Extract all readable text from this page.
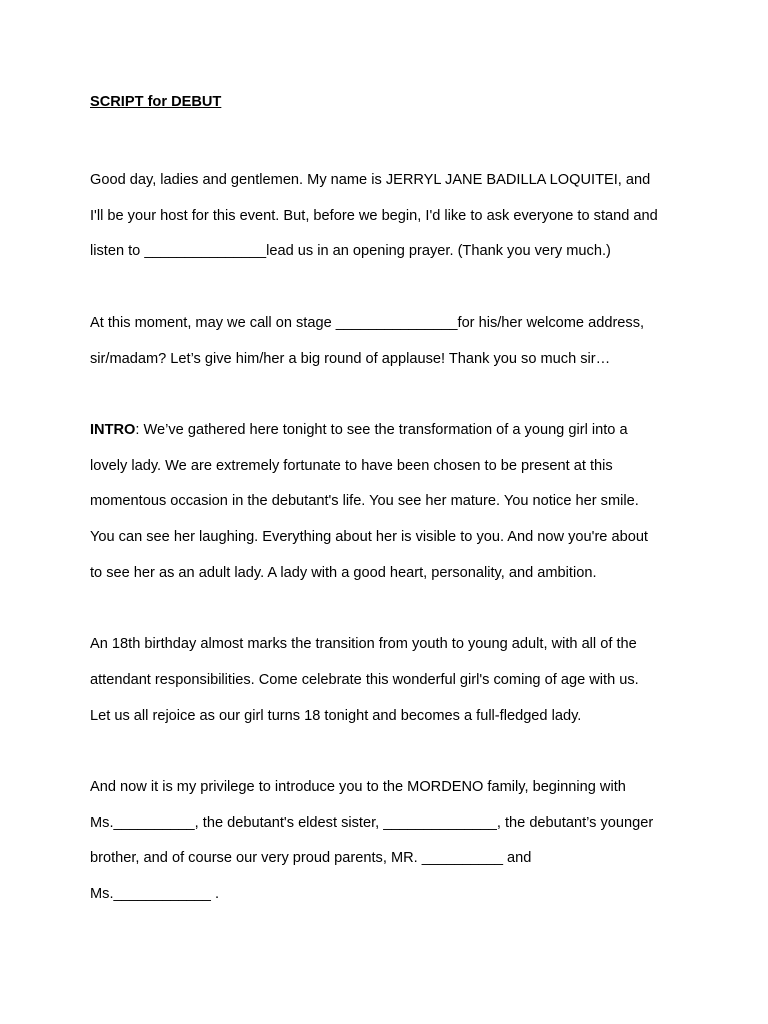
SCRIPT for DEBUT
Good day, ladies and gentlemen. My name is JERRYL JANE BADILLA LOQUITEI, and
I'll be your host for this event. But, before we begin, I'd like to ask everyone to stand and
listen to _______________lead us in an opening prayer. (Thank you very much.)
At this moment, may we call on stage _______________for his/her welcome address,
sir/madam? Let’s give him/her a big round of applause! Thank you so much sir…
INTRO: We’ve gathered here tonight to see the transformation of a young girl into a
lovely lady. We are extremely fortunate to have been chosen to be present at this
momentous occasion in the debutant's life. You see her mature. You notice her smile.
You can see her laughing. Everything about her is visible to you. And now you're about
to see her as an adult lady. A lady with a good heart, personality, and ambition.
An 18th birthday almost marks the transition from youth to young adult, with all of the
attendant responsibilities. Come celebrate this wonderful girl's coming of age with us.
Let us all rejoice as our girl turns 18 tonight and becomes a full-fledged lady.
And now it is my privilege to introduce you to the MORDENO family, beginning with
Ms.__________, the debutant's eldest sister, ______________, the debutant’s younger
brother, and of course our very proud parents, MR. __________ and
Ms.____________ .
